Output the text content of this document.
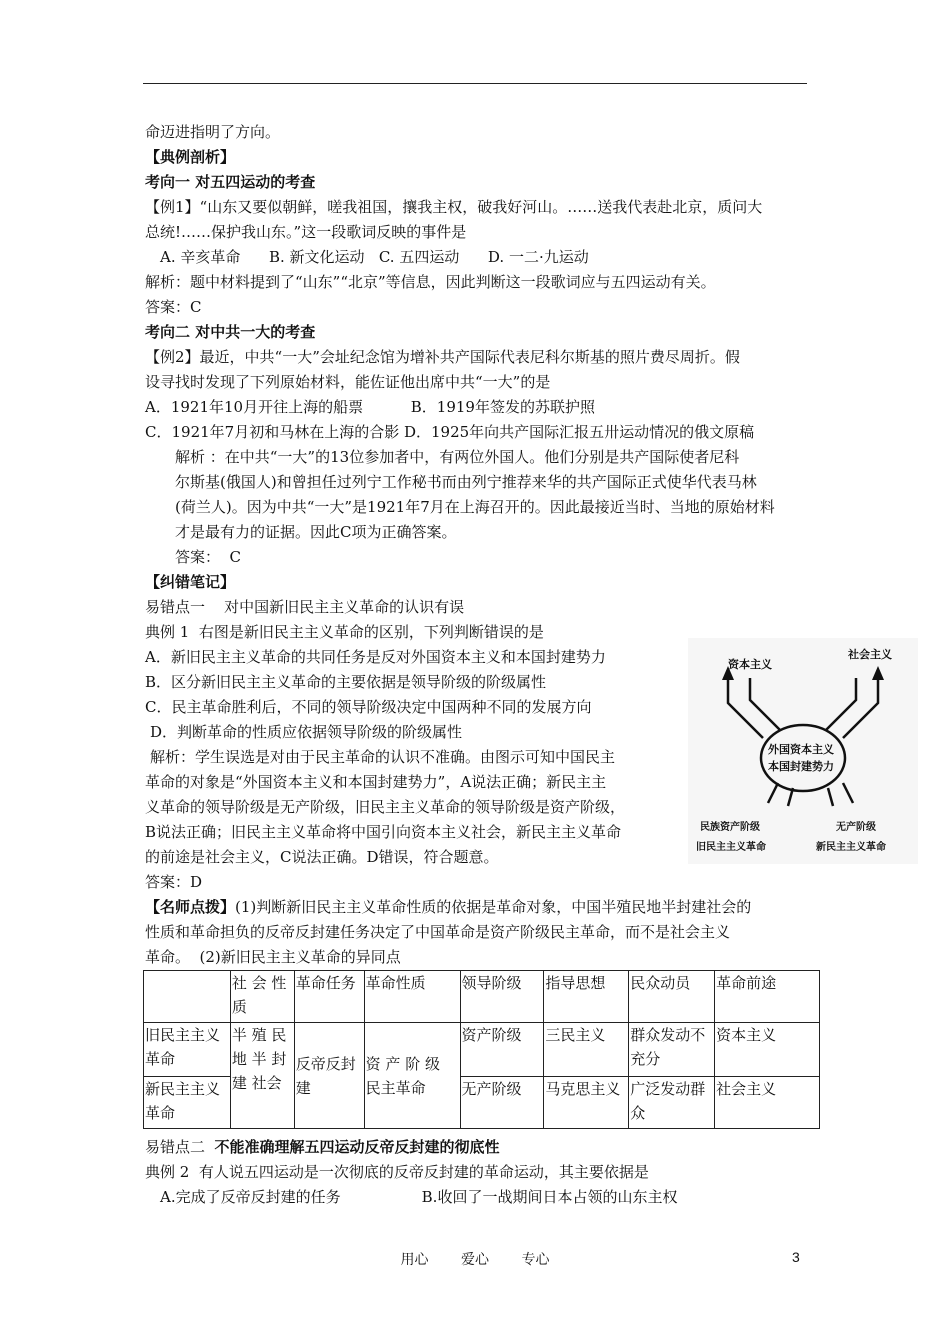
命迈进指明了方向。
【典例剖析】
考向一 对五四运动的考查
【例1】“山东又要似朝鲜，嗟我祖国，攘我主权，破我好河山。……送我代表赴北京，质问大
总统!……保护我山东。”这一段歌词反映的事件是
A. 辛亥革命      B. 新文化运动   C. 五四运动      D. 一二·九运动
解析：题中材料提到了“山东”“北京”等信息，因此判断这一段歌词应与五四运动有关。
答案：C
考向二 对中共一大的考查
【例2】最近，中共“一大”会址纪念馆为增补共产国际代表尼科尔斯基的照片费尽周折。假
设寻找时发现了下列原始材料，能佐证他出席中共“一大”的是
A．1921年10月开往上海的船票          B．1919年签发的苏联护照
C．1921年7月初和马林在上海的合影 D．1925年向共产国际汇报五卅运动情况的俄文原稿
解析 ：在中共“一大”的13位参加者中，有两位外国人。他们分别是共产国际使者尼科
尔斯基(俄国人)和曾担任过列宁工作秘书而由列宁推荐来华的共产国际正式使华代表马林
(荷兰人)。因为中共“一大”是1921年7月在上海召开的。因此最接近当时、当地的原始材料
才是最有力的证据。因此C项为正确答案。
答案：  C
【纠错笔记】
易错点一    对中国新旧民主主义革命的认识有误
典例 1  右图是新旧民主主义革命的区别，下列判断错误的是
A．新旧民主主义革命的共同任务是反对外国资本主义和本国封建势力
B．区分新旧民主主义革命的主要依据是领导阶级的阶级属性
C．民主革命胜利后，不同的领导阶级决定中国两种不同的发展方向
D．判断革命的性质应依据领导阶级的阶级属性
解析：学生误选是对由于民主革命的认识不准确。由图示可知中国民主
革命的对象是“外国资本主义和本国封建势力”，A说法正确；新民主主
义革命的领导阶级是无产阶级，旧民主主义革命的领导阶级是资产阶级，
B说法正确；旧民主主义革命将中国引向资本主义社会，新民主主义革命
的前途是社会主义，C说法正确。D错误，符合题意。
答案：D
【名师点拨】(1)判断新旧民主主义革命性质的依据是革命对象，中国半殖民地半封建社会的
性质和革命担负的反帝反封建任务决定了中国革命是资产阶级民主革命，而不是社会主义
革命。  (2)新旧民主主义革命的异同点
资本主义
社会主义
外国资本主义
本国封建势力
民族资产阶级
旧民主主义革命
无产阶级
新民主主义革命
	社 会 性质	革命任务	革命性质	领导阶级	指导思想	民众动员	革命前途
旧民主主义革命	半 殖 民 地 半 封 建 社会	反帝反封建	资 产 阶 级 民主革命	资产阶级	三民主义	群众发动不充分	资本主义
新民主主义革命				无产阶级	马克思主义	广泛发动群众	社会主义
易错点二  不能准确理解五四运动反帝反封建的彻底性
典例 2  有人说五四运动是一次彻底的反帝反封建的革命运动，其主要依据是
A.完成了反帝反封建的任务                 B.收回了一战期间日本占领的山东主权
用心 爱心 专心	3
